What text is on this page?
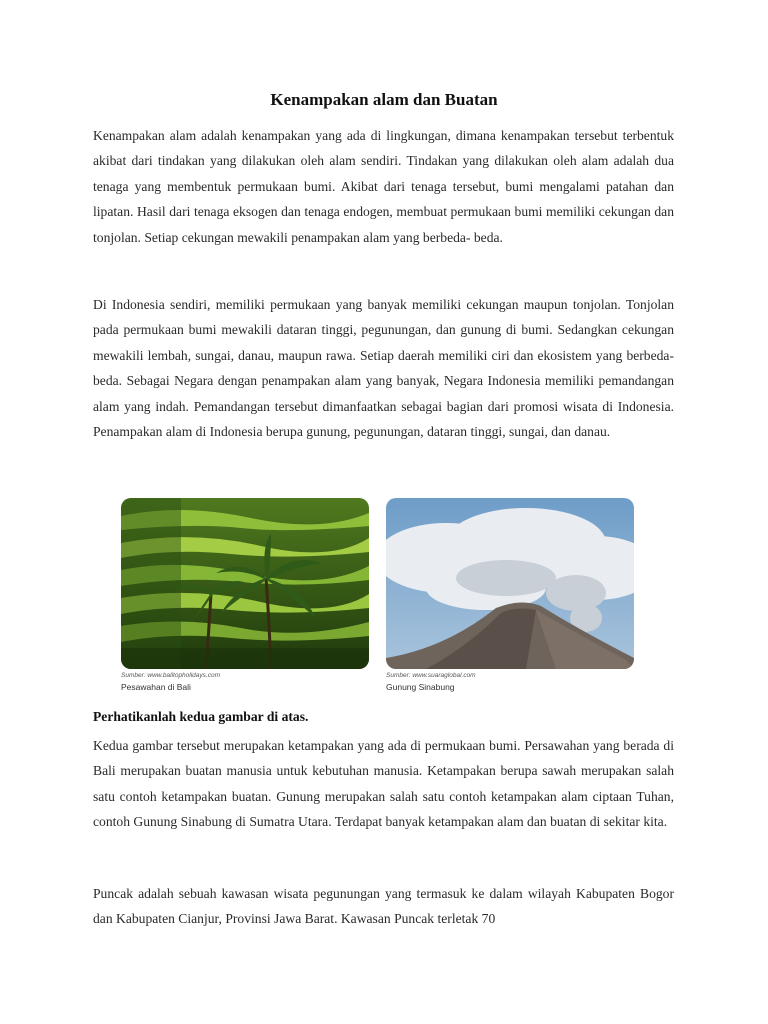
Kenampakan alam dan Buatan

Kenampakan alam adalah kenampakan yang ada di lingkungan, dimana kenampakan tersebut terbentuk akibat dari tindakan yang dilakukan oleh alam sendiri. Tindakan yang dilakukan oleh alam adalah dua tenaga yang membentuk permukaan bumi. Akibat dari tenaga tersebut, bumi mengalami patahan dan lipatan. Hasil dari tenaga eksogen dan tenaga endogen, membuat permukaan bumi memiliki cekungan dan tonjolan. Setiap cekungan mewakili penampakan alam yang berbeda- beda.

Di Indonesia sendiri, memiliki permukaan yang banyak memiliki cekungan maupun tonjolan. Tonjolan pada permukaan bumi mewakili dataran tinggi, pegunungan, dan gunung di bumi. Sedangkan cekungan mewakili lembah, sungai, danau, maupun rawa. Setiap daerah memiliki ciri dan ekosistem yang berbeda- beda. Sebagai Negara dengan penampakan alam yang banyak, Negara Indonesia memiliki pemandangan alam yang indah. Pemandangan tersebut dimanfaatkan sebagai bagian dari promosi wisata di Indonesia. Penampakan alam di Indonesia berupa gunung, pegunungan, dataran tinggi, sungai, dan danau.

Sumber: www.balitopholidays.com
Pesawahan di Bali
Sumber: www.suaraglobal.com
Gunung Sinabung

Perhatikanlah kedua gambar di atas.

Kedua gambar tersebut merupakan ketampakan yang ada di permukaan bumi. Persawahan yang berada di Bali merupakan buatan manusia untuk kebutuhan manusia. Ketampakan berupa sawah merupakan salah satu contoh ketampakan buatan. Gunung merupakan salah satu contoh ketampakan alam ciptaan Tuhan, contoh Gunung Sinabung di Sumatra Utara. Terdapat banyak ketampakan alam dan buatan di sekitar kita.

Puncak adalah sebuah kawasan wisata pegunungan yang termasuk ke dalam wilayah Kabupaten Bogor dan Kabupaten Cianjur, Provinsi Jawa Barat. Kawasan Puncak terletak 70
